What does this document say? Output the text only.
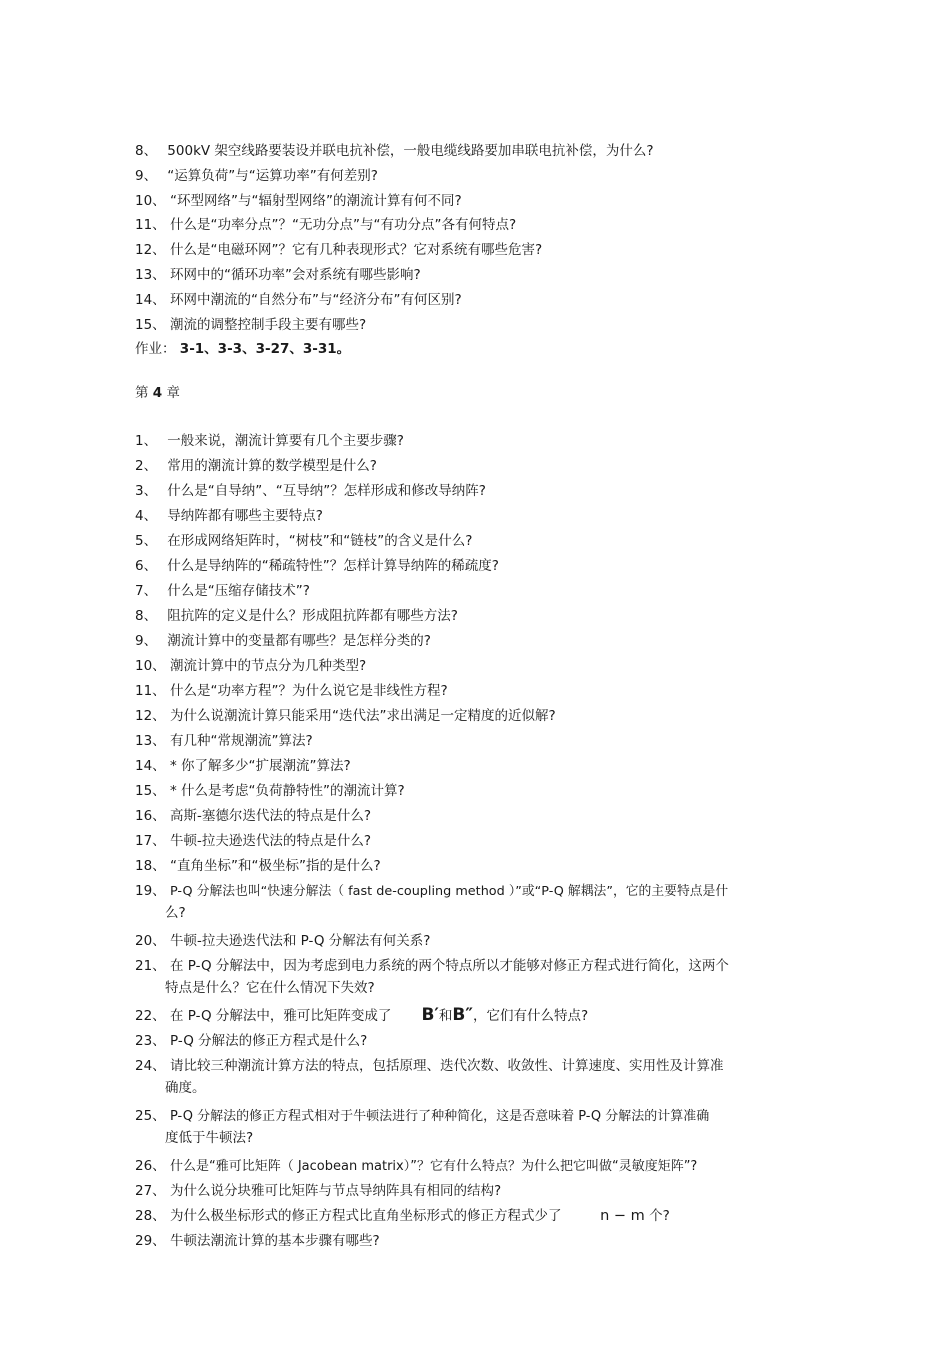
8、 500kV 架空线路要装设并联电抗补偿，一般电缆线路要加串联电抗补偿，为什么?
9、 “运算负荷”与“运算功率”有何差别?
10、 “环型网络”与“辐射型网络”的潮流计算有何不同?
11、 什么是“功率分点”？“无功分点”与“有功分点”各有何特点?
12、 什么是“电磁环网”？它有几种表现形式？它对系统有哪些危害?
13、 环网中的“循环功率”会对系统有哪些影响?
14、 环网中潮流的“自然分布”与“经济分布”有何区别?
15、 潮流的调整控制手段主要有哪些?
作业： 3-1、3-3、3-27、3-31。
第 4 章
1、 一般来说，潮流计算要有几个主要步骤?
2、 常用的潮流计算的数学模型是什么?
3、 什么是“自导纳”、“互导纳”？怎样形成和修改导纳阵?
4、 导纳阵都有哪些主要特点?
5、 在形成网络矩阵时，“树枝”和“链枝”的含义是什么?
6、 什么是导纳阵的“稀疏特性”？怎样计算导纳阵的稀疏度?
7、 什么是“压缩存储技术”?
8、 阻抗阵的定义是什么？形成阻抗阵都有哪些方法?
9、 潮流计算中的变量都有哪些？是怎样分类的?
10、 潮流计算中的节点分为几种类型?
11、 什么是“功率方程”？为什么说它是非线性方程?
12、 为什么说潮流计算只能采用“迭代法”求出满足一定精度的近似解?
13、 有几种“常规潮流”算法?
14、 * 你了解多少“扩展潮流”算法?
15、 * 什么是考虑“负荷静特性”的潮流计算?
16、 高斯-塞德尔迭代法的特点是什么?
17、 牛顿-拉夫逊迭代法的特点是什么?
18、 “直角坐标”和“极坐标”指的是什么?
19、 P-Q 分解法也叫“快速分解法（ fast de-coupling method ）”或“P-Q 解耦法”，它的主要特点是什
么?
20、 牛顿-拉夫逊迭代法和 P-Q 分解法有何关系?
21、 在 P-Q 分解法中，因为考虑到电力系统的两个特点所以才能够对修正方程式进行简化，这两个
特点是什么？它在什么情况下失效?
22、 在 P-Q 分解法中，雅可比矩阵变成了 B′和B″，它们有什么特点?
23、 P-Q 分解法的修正方程式是什么?
24、 请比较三种潮流计算方法的特点，包括原理、迭代次数、收敛性、计算速度、实用性及计算准
确度。
25、 P-Q 分解法的修正方程式相对于牛顿法进行了种种简化，这是否意味着 P-Q 分解法的计算准确
度低于牛顿法?
26、 什么是“雅可比矩阵（ Jacobean matrix）”？它有什么特点？为什么把它叫做“灵敏度矩阵”?
27、 为什么说分块雅可比矩阵与节点导纳阵具有相同的结构?
28、 为什么极坐标形式的修正方程式比直角坐标形式的修正方程式少了	n − m 个?
29、 牛顿法潮流计算的基本步骤有哪些?
